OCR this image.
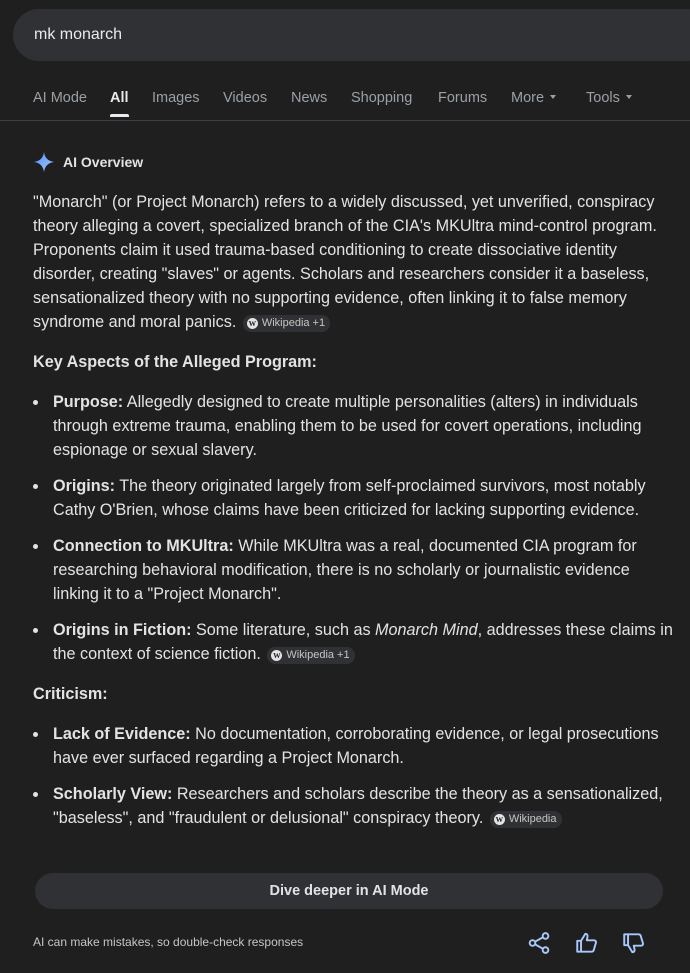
mk monarch
AI Mode All Images Videos News Shopping Forums More	Tools
AI Overview

"Monarch" (or Project Monarch) refers to a widely discussed, yet unverified, conspiracy theory alleging a covert, specialized branch of the CIA's MKUltra mind-control program. Proponents claim it used trauma-based conditioning to create dissociative identity disorder, creating "slaves" or agents. Scholars and researchers consider it a baseless, sensationalized theory with no supporting evidence, often linking it to false memory syndrome and moral panics. W Wikipedia +1

Key Aspects of the Alleged Program:
Purpose: Allegedly designed to create multiple personalities (alters) in individuals through extreme trauma, enabling them to be used for covert operations, including espionage or sexual slavery.
Origins: The theory originated largely from self-proclaimed survivors, most notably Cathy O'Brien, whose claims have been criticized for lacking supporting evidence.
Connection to MKUltra: While MKUltra was a real, documented CIA program for researching behavioral modification, there is no scholarly or journalistic evidence linking it to a "Project Monarch".
Origins in Fiction: Some literature, such as Monarch Mind, addresses these claims in the context of science fiction. W Wikipedia +1
Criticism:
Lack of Evidence: No documentation, corroborating evidence, or legal prosecutions have ever surfaced regarding a Project Monarch.
Scholarly View: Researchers and scholars describe the theory as a sensationalized, "baseless", and "fraudulent or delusional" conspiracy theory. W Wikipedia
Dive deeper in AI Mode
AI can make mistakes, so double-check responses
